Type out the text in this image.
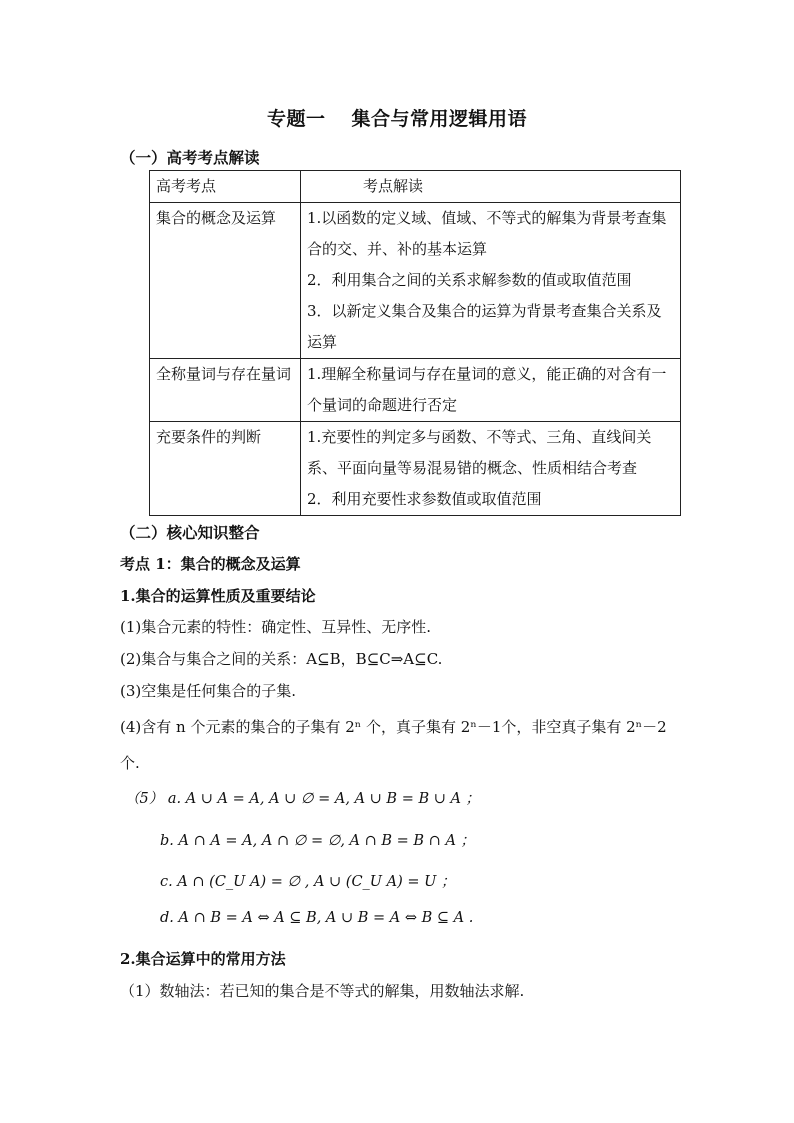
专题一 集合与常用逻辑用语
（一）高考考点解读
高考考点	考点解读
集合的概念及运算	1.以函数的定义域、值域、不等式的解集为背景考查集合的交、并、补的基本运算
2．利用集合之间的关系求解参数的值或取值范围
3．以新定义集合及集合的运算为背景考查集合关系及运算

全称量词与存在量词	1.理解全称量词与存在量词的意义，能正确的对含有一个量词的命题进行否定

充要条件的判断	1.充要性的判定多与函数、不等式、三角、直线间关系、平面向量等易混易错的概念、性质相结合考查
2．利用充要性求参数值或取值范围
（二）核心知识整合
考点 1：集合的概念及运算
1.集合的运算性质及重要结论
(1)集合元素的特性：确定性、互异性、无序性.
(2)集合与集合之间的关系：A⊆B，B⊆C⇒A⊆C.
(3)空集是任何集合的子集.
(4)含有 n 个元素的集合的子集有 2ⁿ 个，真子集有 2ⁿ－1个，非空真子集有 2ⁿ－2
个.
（5） a. A ∪ A = A, A ∪ ∅ = A, A ∪ B = B ∪ A ；
b. A ∩ A = A, A ∩ ∅ = ∅, A ∩ B = B ∩ A ；
c. A ∩ (C_U A) = ∅ , A ∪ (C_U A) = U ；
d. A ∩ B = A ⇔ A ⊆ B, A ∪ B = A ⇔ B ⊆ A .
2.集合运算中的常用方法
（1）数轴法：若已知的集合是不等式的解集，用数轴法求解.
